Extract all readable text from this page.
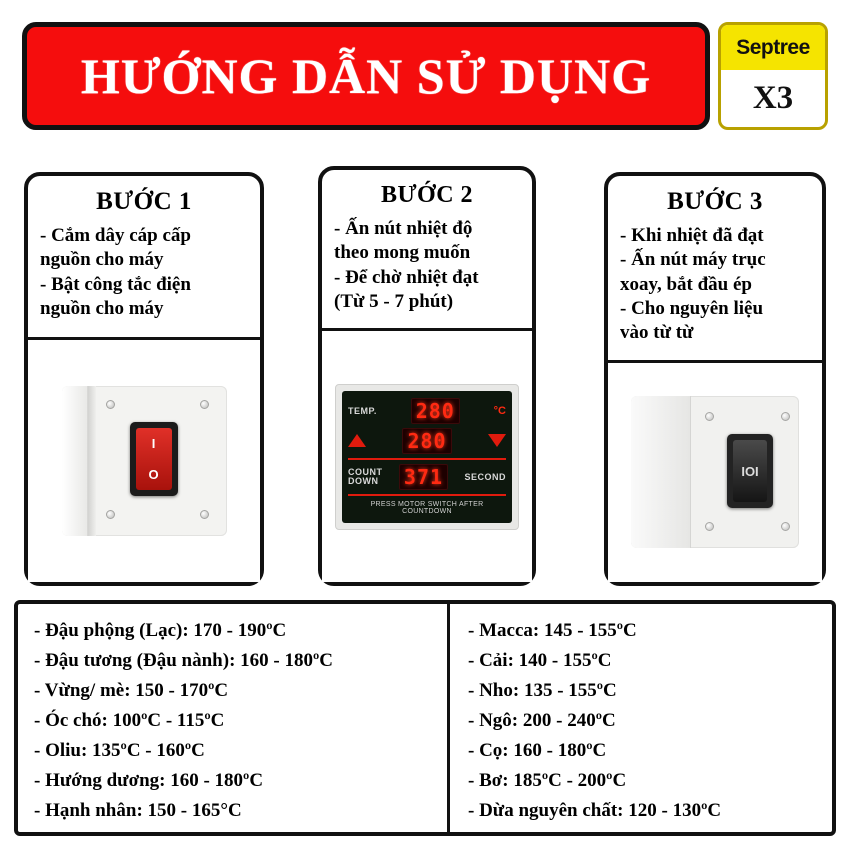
HƯỚNG DẪN SỬ DỤNG
Septree
X3
BƯỚC 1
- Cắm dây cáp cấp
nguồn cho máy
- Bật công tắc điện
nguồn cho máy
I
O
BƯỚC 2
- Ấn nút nhiệt độ
theo mong muốn
- Để chờ nhiệt đạt
(Từ 5 - 7 phút)
TEMP. 280	°C
280
COUNT
DOWN 371	SECOND
PRESS MOTOR SWITCH AFTER COUNTDOWN
BƯỚC 3
- Khi nhiệt đã đạt
- Ấn nút máy trục
xoay, bắt đầu ép
- Cho nguyên liệu
vào từ từ
IOI
- Đậu phộng (Lạc): 170 - 190ºC
- Đậu tương (Đậu nành): 160 - 180ºC
- Vừng/ mè: 150 - 170ºC
- Óc chó: 100ºC - 115ºC
- Oliu: 135ºC - 160ºC
- Hướng dương: 160 - 180ºC
- Hạnh nhân: 150 - 165°C
- Macca: 145 - 155ºC
- Cải: 140 - 155ºC
- Nho: 135 - 155ºC
- Ngô: 200 - 240ºC
- Cọ: 160 - 180ºC
- Bơ: 185ºC - 200ºC
- Dừa nguyên chất: 120 - 130ºC
